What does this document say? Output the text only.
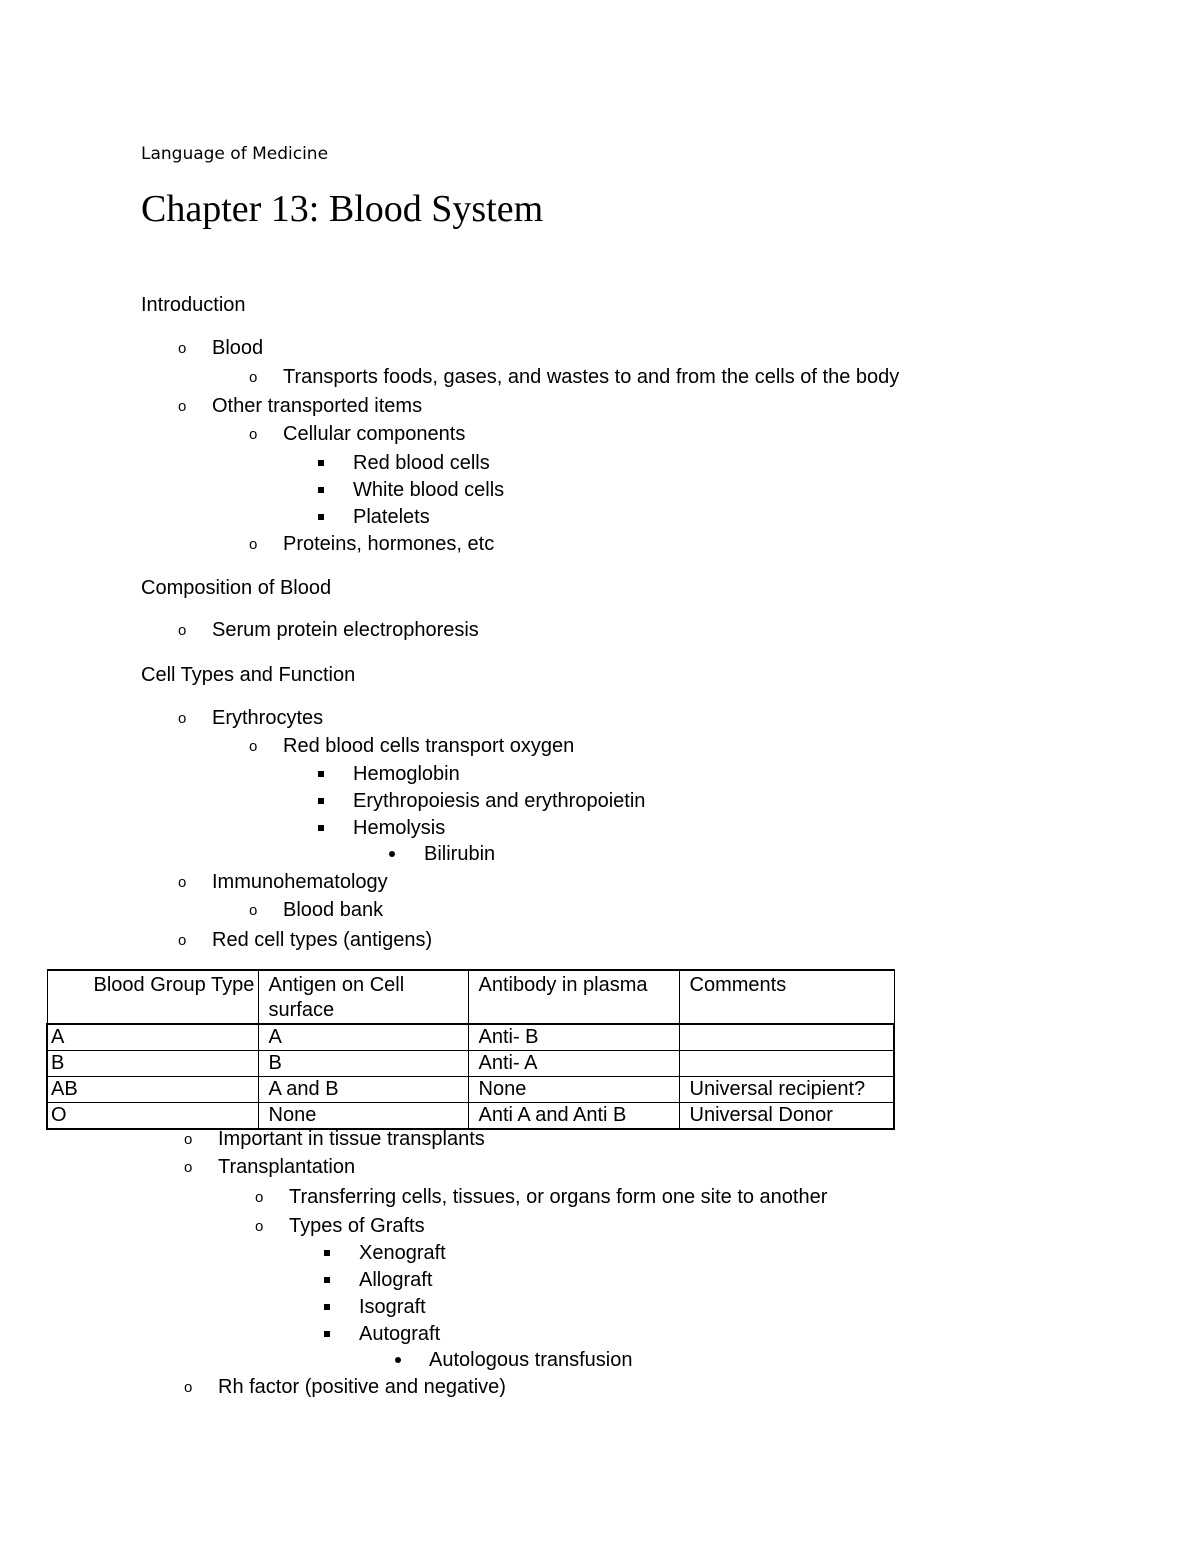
Language of Medicine
Chapter 13: Blood System
Introduction
o Blood
o Transports foods, gases, and wastes to and from the cells of the body
o Other transported items
o Cellular components
Red blood cells
White blood cells
Platelets
o Proteins, hormones, etc
Composition of Blood
o Serum protein electrophoresis
Cell Types and Function
o Erythrocytes
o Red blood cells transport oxygen
Hemoglobin
Erythropoiesis and erythropoietin
Hemolysis
Bilirubin
o Immunohematology
o Blood bank
o Red cell types (antigens)
Blood Group Type	Antigen on Cell surface	Antibody in plasma	Comments
A	A	Anti- B	
B	B	Anti- A	
AB	A and B	None	Universal recipient?
O	None	Anti A and Anti B	Universal Donor
o Important in tissue transplants
o Transplantation
o Transferring cells, tissues, or organs form one site to another
o Types of Grafts
Xenograft
Allograft
Isograft
Autograft
Autologous transfusion
o Rh factor (positive and negative)
